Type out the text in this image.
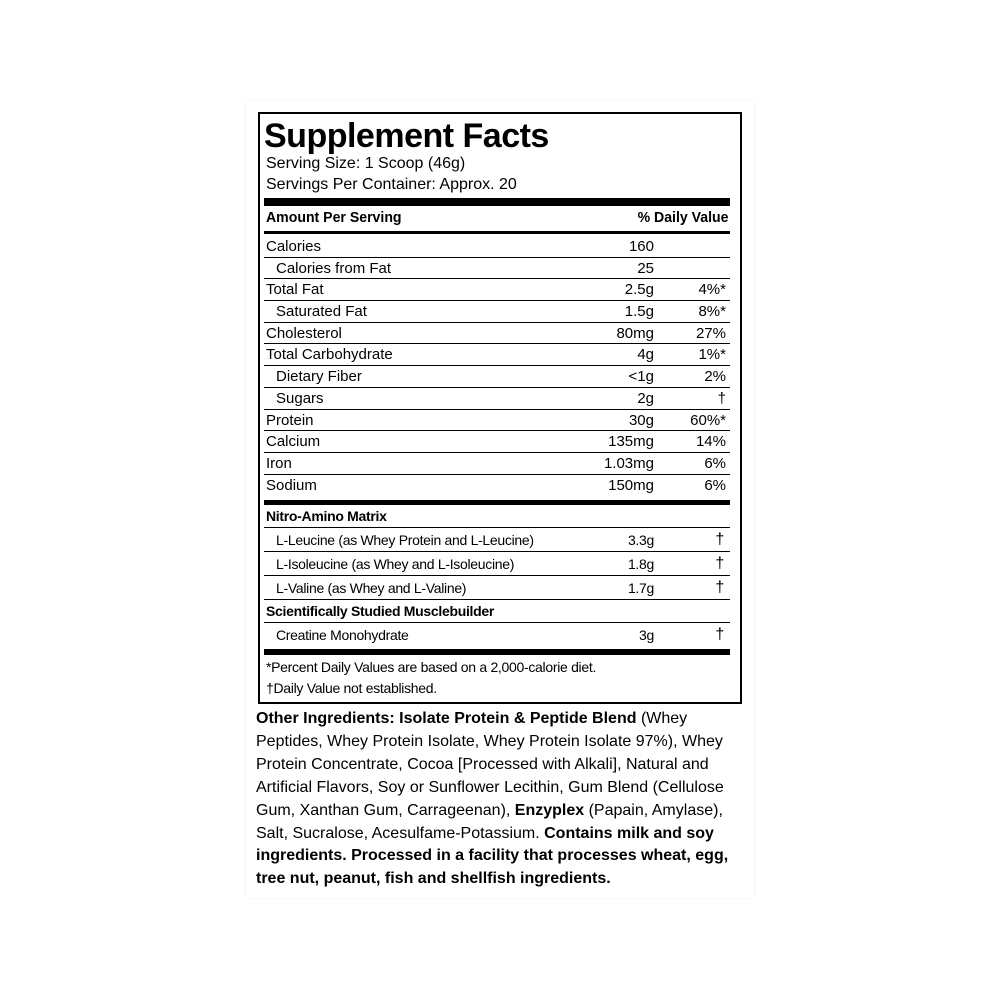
Supplement Facts
Serving Size: 1 Scoop (46g)
Servings Per Container: Approx. 20
Amount Per Serving	% Daily Value
Calories	160
Calories from Fat	25
Total Fat	2.5g	4%*
Saturated Fat	1.5g	8%*
Cholesterol	80mg	27%
Total Carbohydrate	4g	1%*
Dietary Fiber	<1g	2%
Sugars	2g	†
Protein	30g 60%*
Calcium	135mg	14%
Iron	1.03mg	6%
Sodium	150mg	6%
Nitro-Amino Matrix
L-Leucine (as Whey Protein and L-Leucine)	3.3g	†
L-Isoleucine (as Whey and L-Isoleucine)	1.8g	†
L-Valine (as Whey and L-Valine)	1.7g	†
Scientifically Studied Musclebuilder
Creatine Monohydrate	3g	†
*Percent Daily Values are based on a 2,000-calorie diet.
†Daily Value not established.
Other Ingredients: Isolate Protein & Peptide Blend (Whey Peptides, Whey Protein Isolate, Whey Protein Isolate 97%), Whey Protein Concentrate, Cocoa [Processed with Alkali], Natural and Artificial Flavors, Soy or Sunflower Lecithin, Gum Blend (Cellulose Gum, Xanthan Gum, Carrageenan), Enzyplex (Papain, Amylase), Salt, Sucralose, Acesulfame-Potassium. Contains milk and soy ingredients. Processed in a facility that processes wheat, egg, tree nut, peanut, fish and shellfish ingredients.
